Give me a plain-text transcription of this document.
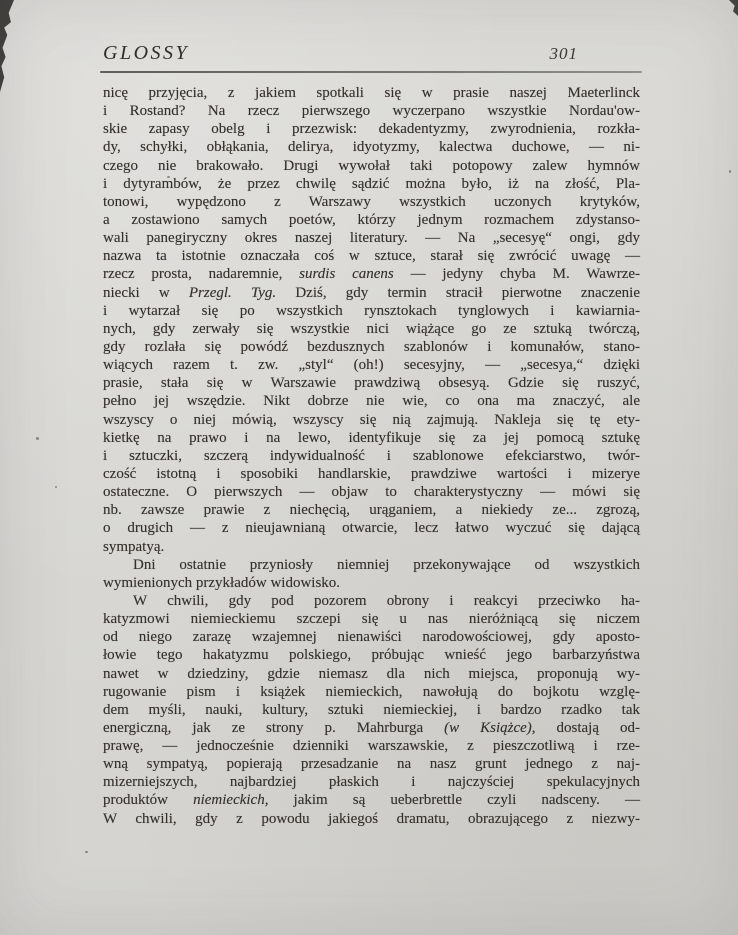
GLOSSY	301
nicę przyjęcia, z jakiem spotkali się w prasie naszej Maeterlinck
i Rostand? Na rzecz pierwszego wyczerpano wszystkie Nordau'ow-
skie zapasy obelg i przezwisk: dekadentyzmy, zwyrodnienia, rozkła-
dy, schyłki, obłąkania, delirya, idyotyzmy, kalectwa duchowe, — ni-
czego nie brakowało. Drugi wywołał taki potopowy zalew hymnów
i dytyrambów, że przez chwilę sądzić można było, iż na złość, Pla-
tonowi, wypędzono z Warszawy wszystkich uczonych krytyków,
a zostawiono samych poetów, którzy jednym rozmachem zdystanso-
wali panegiryczny okres naszej literatury. — Na „secesyę“ ongi, gdy
nazwa ta istotnie oznaczała coś w sztuce, starał się zwrócić uwagę —
rzecz prosta, nadaremnie, surdis canens — jedyny chyba M. Wawrze-
niecki w Przegl. Tyg. Dziś, gdy termin stracił pierwotne znaczenie
i wytarzał się po wszystkich rynsztokach tynglowych i kawiarnia-
nych, gdy zerwały się wszystkie nici wiążące go ze sztuką twórczą,
gdy rozlała się powódź bezdusznych szablonów i komunałów, stano-
wiących razem t. zw. „styl“ (oh!) secesyjny, — „secesya,“ dzięki
prasie, stała się w Warszawie prawdziwą obsesyą. Gdzie się ruszyć,
pełno jej wszędzie. Nikt dobrze nie wie, co ona ma znaczyć, ale
wszyscy o niej mówią, wszyscy się nią zajmują. Nakleja się tę ety-
kietkę na prawo i na lewo, identyfikuje się za jej pomocą sztukę
i sztuczki, szczerą indywidualność i szablonowe efekciarstwo, twór-
czość istotną i sposobiki handlarskie, prawdziwe wartości i mizerye
ostateczne. O pierwszych — objaw to charakterystyczny — mówi się
nb. zawsze prawie z niechęcią, urąganiem, a niekiedy ze... zgrozą,
o drugich — z nieujawnianą otwarcie, lecz łatwo wyczuć się dającą
sympatyą.
Dni ostatnie przyniosły niemniej przekonywające od wszystkich
wymienionych przykładów widowisko.
W chwili, gdy pod pozorem obrony i reakcyi przeciwko ha-
katyzmowi niemieckiemu szczepi się u nas nieróżniącą się niczem
od niego zarazę wzajemnej nienawiści narodowościowej, gdy aposto-
łowie tego hakatyzmu polskiego, próbując wnieść jego barbarzyństwa
nawet w dziedziny, gdzie niemasz dla nich miejsca, proponują wy-
rugowanie pism i książek niemieckich, nawołują do bojkotu wzglę-
dem myśli, nauki, kultury, sztuki niemieckiej, i bardzo rzadko tak
energiczną, jak ze strony p. Mahrburga (w Książce), dostają od-
prawę, — jednocześnie dzienniki warszawskie, z pieszczotliwą i rze-
wną sympatyą, popierają przesadzanie na nasz grunt jednego z naj-
mizerniejszych, najbardziej płaskich i najczyściej spekulacyjnych
produktów niemieckich, jakim są ueberbrettle czyli nadsceny. —
W chwili, gdy z powodu jakiegoś dramatu, obrazującego z niezwy-
